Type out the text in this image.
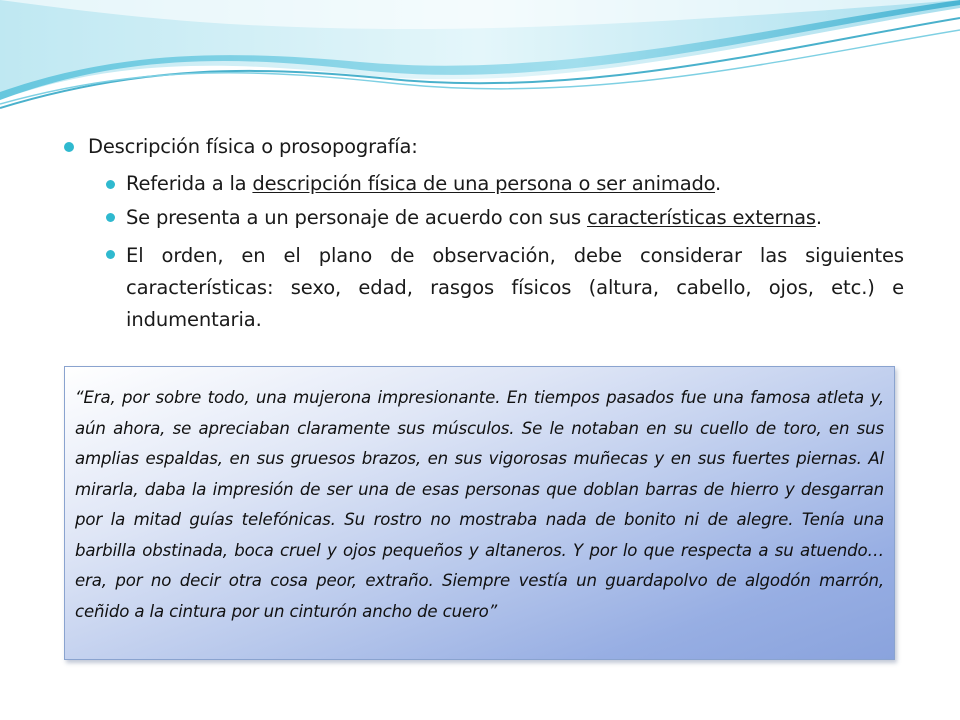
Descripción física o prosopografía:
Referida a la descripción física de una persona o ser animado.
Se presenta a un personaje de acuerdo con sus características externas.
El orden, en el plano de observación, debe considerar las siguientes características: sexo, edad, rasgos físicos (altura, cabello, ojos, etc.) e indumentaria.
“Era, por sobre todo, una mujerona impresionante. En tiempos pasados fue una famosa atleta y, aún ahora, se apreciaban claramente sus músculos. Se le notaban en su cuello de toro, en sus amplias espaldas, en sus gruesos brazos, en sus vigorosas muñecas y en sus fuertes piernas. Al mirarla, daba la impresión de ser una de esas personas que doblan barras de hierro y desgarran por la mitad guías telefónicas. Su rostro no mostraba nada de bonito ni de alegre. Tenía una barbilla obstinada, boca cruel y ojos pequeños y altaneros. Y por lo que respecta a su atuendo… era, por no decir otra cosa peor, extraño. Siempre vestía un guardapolvo de algodón marrón, ceñido a la cintura por un cinturón ancho de cuero”
